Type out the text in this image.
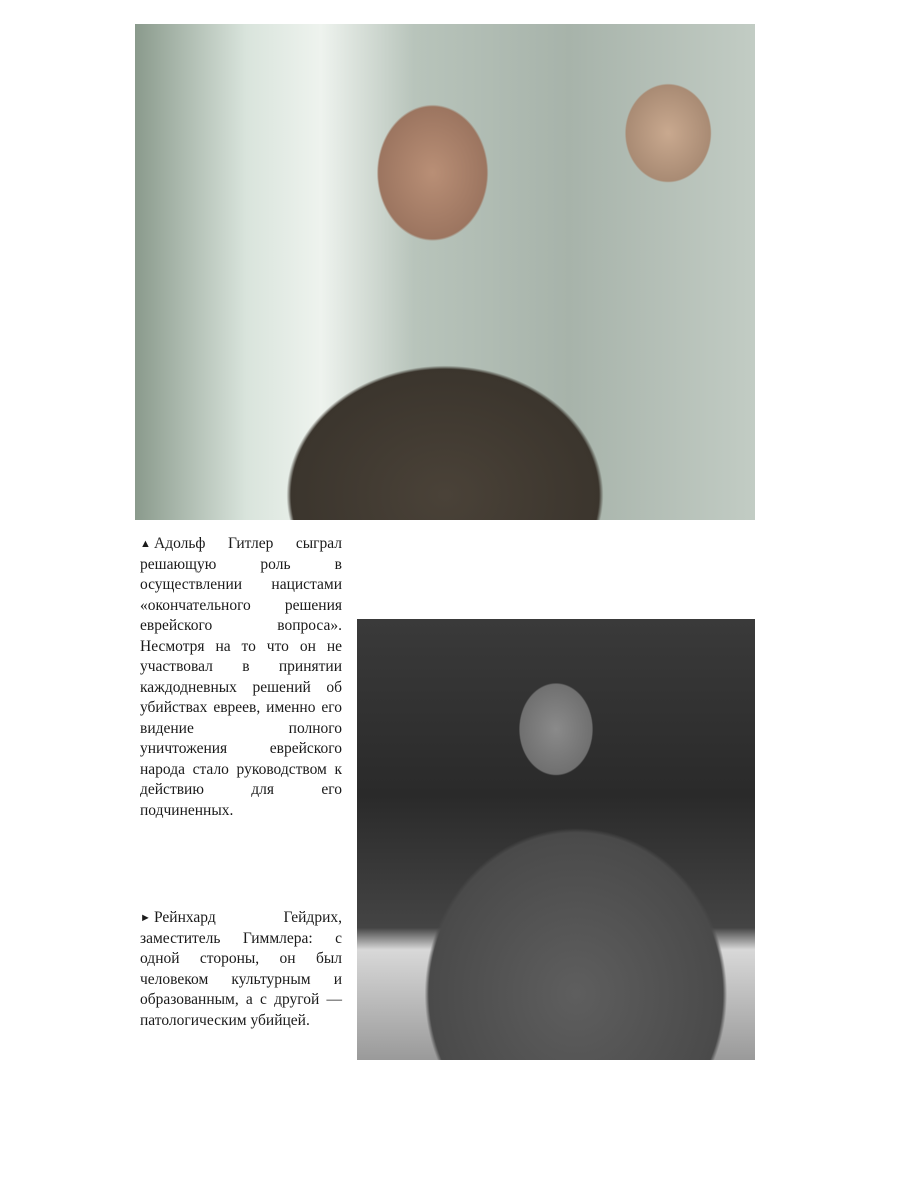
▲ Адольф Гитлер сыграл решающую роль в осуществлении нацистами «окончательного решения еврейского вопроса». Несмотря на то что он не участвовал в принятии каждодневных решений об убийствах евреев, именно его видение полного уничтожения еврейского народа стало руководством к действию для его подчиненных.

► Рейнхард Гейдрих, заместитель Гиммлера: с одной стороны, он был человеком культурным и образованным, а с другой — патологическим убийцей.
